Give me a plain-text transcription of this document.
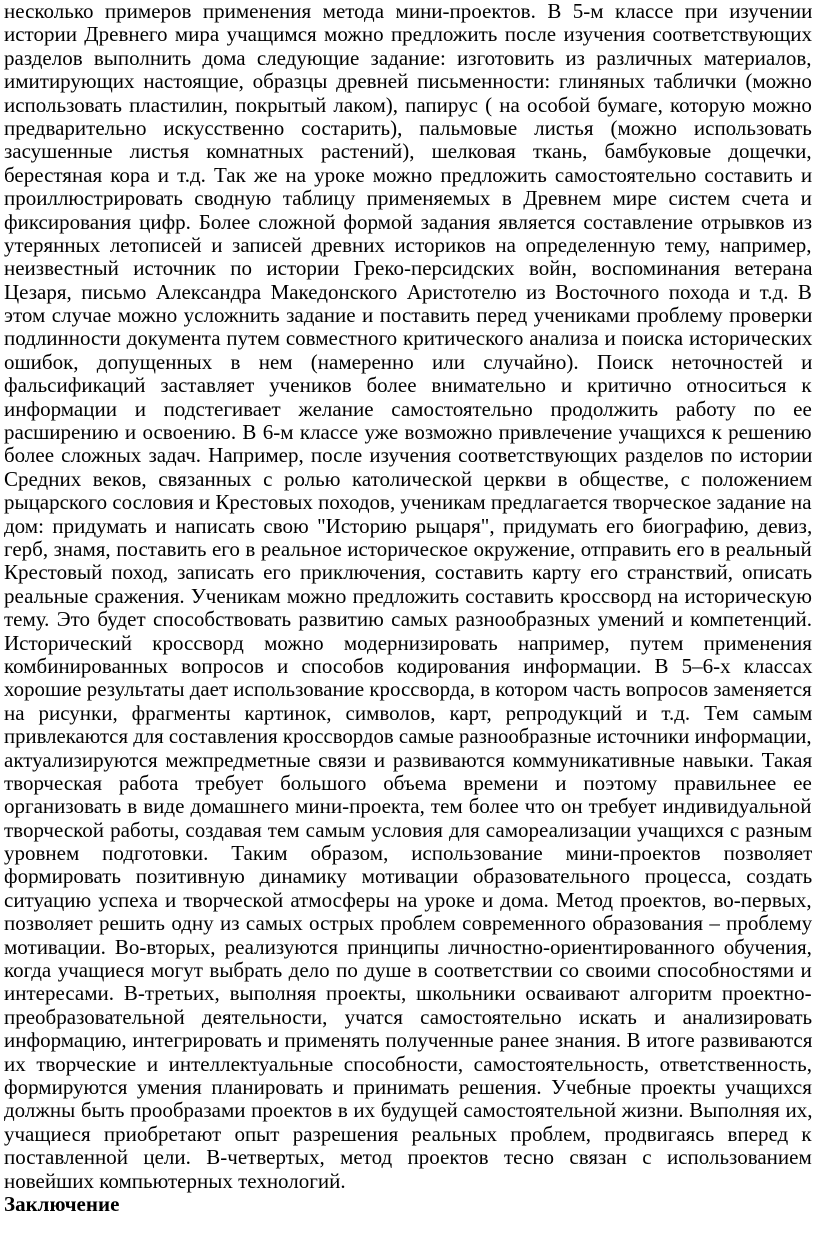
несколько примеров применения метода мини-проектов. В 5-м классе при изучении
истории Древнего мира учащимся можно предложить после изучения соответствующих
разделов выполнить дома следующие задание: изготовить из различных материалов,
имитирующих настоящие, образцы древней письменности: глиняных таблички (можно
использовать пластилин, покрытый лаком), папирус ( на особой бумаге, которую можно
предварительно искусственно состарить), пальмовые листья (можно использовать
засушенные листья комнатных растений), шелковая ткань, бамбуковые дощечки,
берестяная кора и т.д. Так же на уроке можно предложить самостоятельно составить и
проиллюстрировать сводную таблицу применяемых в Древнем мире систем счета и
фиксирования цифр. Более сложной формой задания является составление отрывков из
утерянных летописей и записей древних историков на определенную тему, например,
неизвестный источник по истории Греко-персидских войн, воспоминания ветерана
Цезаря, письмо Александра Македонского Аристотелю из Восточного похода и т.д. В
этом случае можно усложнить задание и поставить перед учениками проблему проверки
подлинности документа путем совместного критического анализа и поиска исторических
ошибок, допущенных в нем (намеренно или случайно). Поиск неточностей и
фальсификаций заставляет учеников более внимательно и критично относиться к
информации и подстегивает желание самостоятельно продолжить работу по ее
расширению и освоению. В 6-м классе уже возможно привлечение учащихся к решению
более сложных задач. Например, после изучения соответствующих разделов по истории
Средних веков, связанных с ролью католической церкви в обществе, с положением
рыцарского сословия и Крестовых походов, ученикам предлагается творческое задание на
дом: придумать и написать свою "Историю рыцаря", придумать его биографию, девиз,
герб, знамя, поставить его в реальное историческое окружение, отправить его в реальный
Крестовый поход, записать его приключения, составить карту его странствий, описать
реальные сражения. Ученикам можно предложить составить кроссворд на историческую
тему. Это будет способствовать развитию самых разнообразных умений и компетенций.
Исторический кроссворд можно модернизировать например, путем применения
комбинированных вопросов и способов кодирования информации. В 5–6-х классах
хорошие результаты дает использование кроссворда, в котором часть вопросов заменяется
на рисунки, фрагменты картинок, символов, карт, репродукций и т.д. Тем самым
привлекаются для составления кроссвордов самые разнообразные источники информации,
актуализируются межпредметные связи и развиваются коммуникативные навыки. Такая
творческая работа требует большого объема времени и поэтому правильнее ее
организовать в виде домашнего мини-проекта, тем более что он требует индивидуальной
творческой работы, создавая тем самым условия для самореализации учащихся с разным
уровнем подготовки. Таким образом, использование мини-проектов позволяет
формировать позитивную динамику мотивации образовательного процесса, создать
ситуацию успеха и творческой атмосферы на уроке и дома. Метод проектов, во-первых,
позволяет решить одну из самых острых проблем современного образования – проблему
мотивации. Во-вторых, реализуются принципы личностно-ориентированного обучения,
когда учащиеся могут выбрать дело по душе в соответствии со своими способностями и
интересами. В-третьих, выполняя проекты, школьники осваивают алгоритм проектно-
преобразовательной деятельности, учатся самостоятельно искать и анализировать
информацию, интегрировать и применять полученные ранее знания. В итоге развиваются
их творческие и интеллектуальные способности, самостоятельность, ответственность,
формируются умения планировать и принимать решения. Учебные проекты учащихся
должны быть прообразами проектов в их будущей самостоятельной жизни. Выполняя их,
учащиеся приобретают опыт разрешения реальных проблем, продвигаясь вперед к
поставленной цели. В-четвертых, метод проектов тесно связан с использованием
новейших компьютерных технологий.
Заключение
